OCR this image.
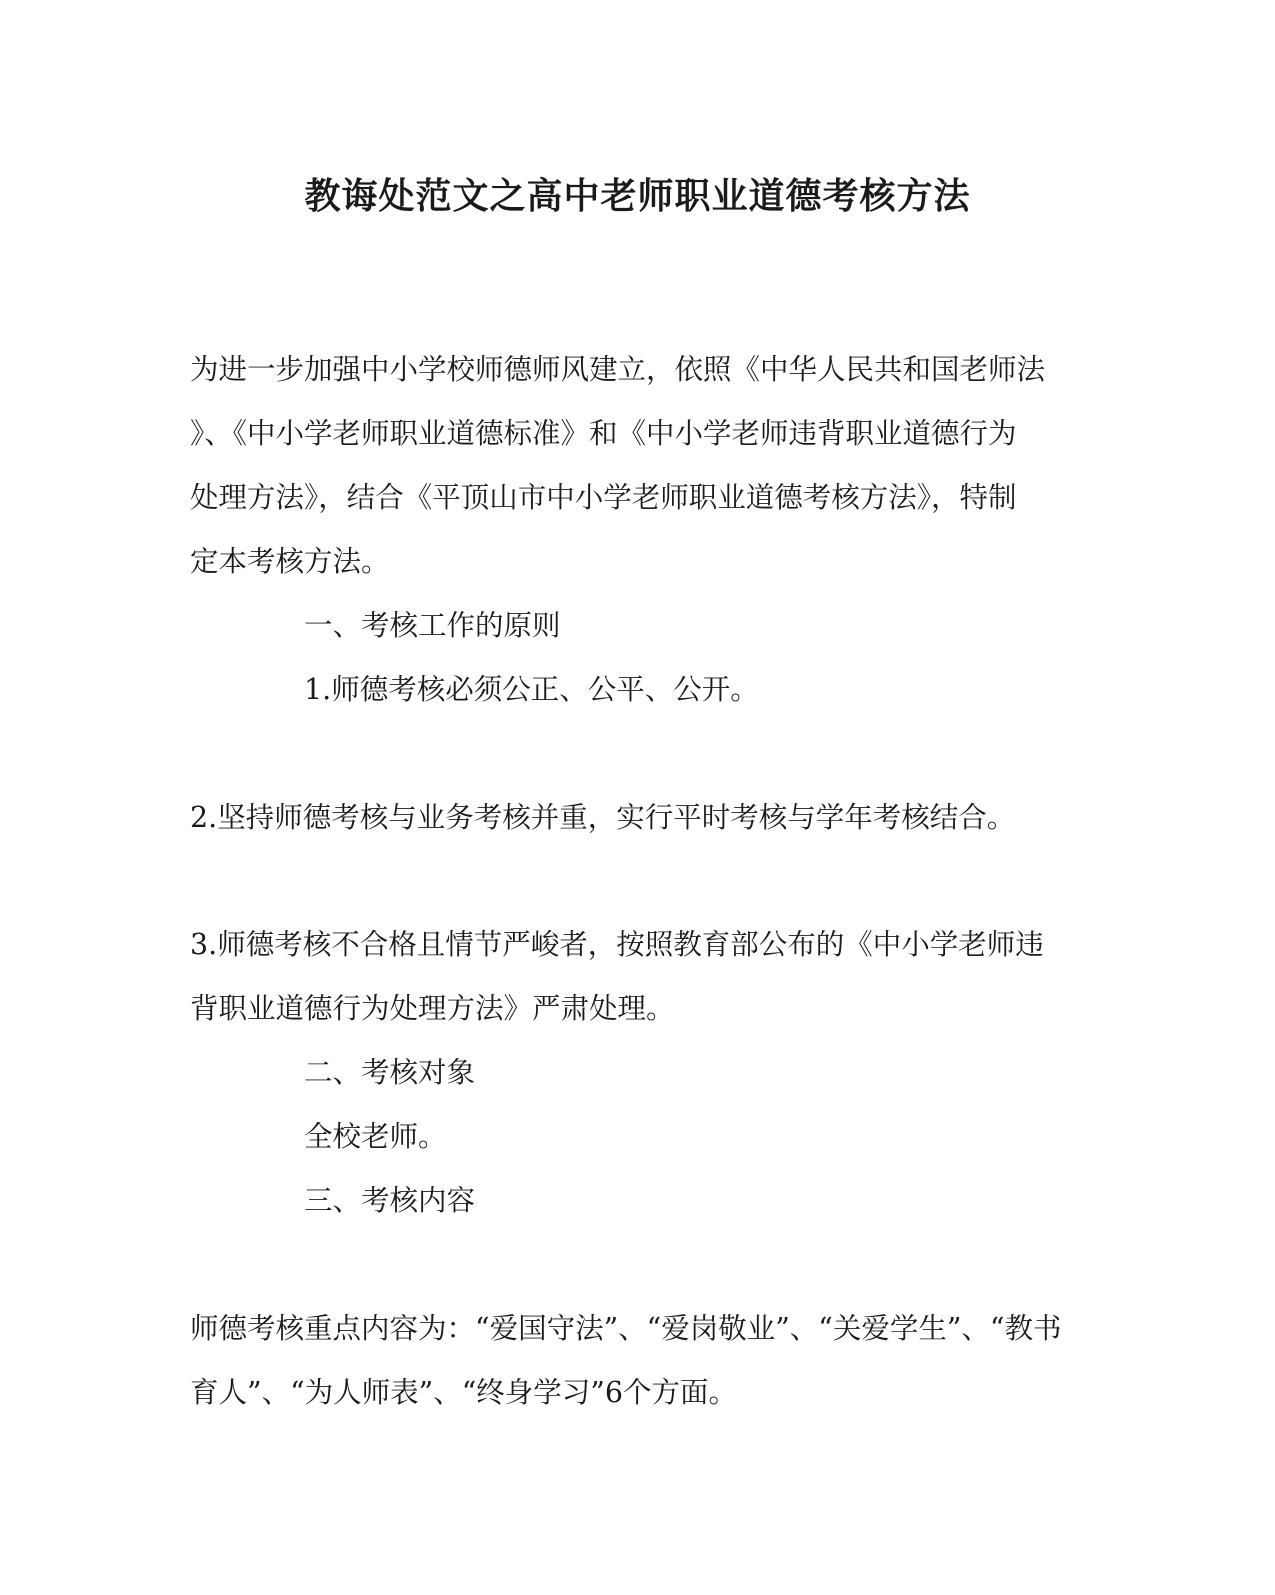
教诲处范文之高中老师职业道德考核方法
为进一步加强中小学校师德师风建立，依照《中华人民共和国老师法
》、《中小学老师职业道德标准》和《中小学老师违背职业道德行为
处理方法》，结合《平顶山市中小学老师职业道德考核方法》，特制
定本考核方法。
一、考核工作的原则
1.师德考核必须公正、公平、公开。
2.坚持师德考核与业务考核并重，实行平时考核与学年考核结合。
3.师德考核不合格且情节严峻者，按照教育部公布的《中小学老师违
背职业道德行为处理方法》严肃处理。
二、考核对象
全校老师。
三、考核内容
师德考核重点内容为：“爱国守法”、“爱岗敬业”、“关爱学生”、“教书
育人”、“为人师表”、“终身学习”6个方面。
